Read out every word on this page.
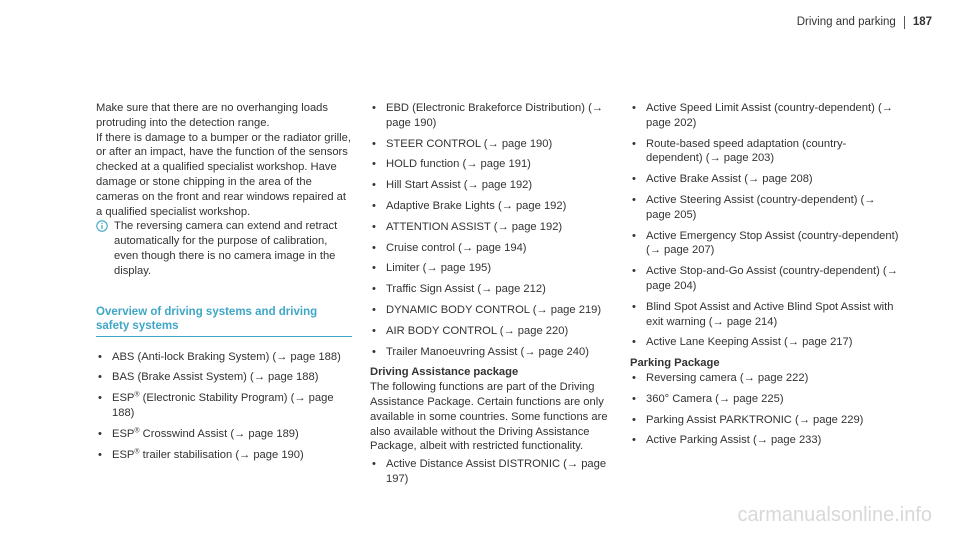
Driving and parking 187

Make sure that there are no overhanging loads protruding into the detection range.

If there is damage to a bumper or the radiator grille, or after an impact, have the function of the sensors checked at a qualified specialist workshop. Have damage or stone chipping in the area of the cameras on the front and rear windows repaired at a qualified specialist workshop.

The reversing camera can extend and retract automatically for the purpose of calibration, even though there is no camera image in the display.
Overview of driving systems and driving safety systems
• ABS (Anti-lock Braking System) (→ page 188)
• BAS (Brake Assist System) (→ page 188)
• ESP® (Electronic Stability Program) (→ page 188)
• ESP® Crosswind Assist (→ page 189)
• ESP® trailer stabilisation (→ page 190)
• EBD (Electronic Brakeforce Distribution) (→ page 190)
• STEER CONTROL (→ page 190)
• HOLD function (→ page 191)
• Hill Start Assist (→ page 192)
• Adaptive Brake Lights (→ page 192)
• ATTENTION ASSIST (→ page 192)
• Cruise control (→ page 194)
• Limiter (→ page 195)
• Traffic Sign Assist (→ page 212)
• DYNAMIC BODY CONTROL (→ page 219)
• AIR BODY CONTROL (→ page 220)
• Trailer Manoeuvring Assist (→ page 240)
Driving Assistance package

The following functions are part of the Driving Assistance Package. Certain functions are only available in some countries. Some functions are also available without the Driving Assistance Package, albeit with restricted functionality.

• Active Distance Assist DISTRONIC (→ page 197)
• Active Speed Limit Assist (country-dependent) (→ page 202)
• Route-based speed adaptation (country-dependent) (→ page 203)
• Active Brake Assist (→ page 208)
• Active Steering Assist (country-dependent) (→ page 205)
• Active Emergency Stop Assist (country-dependent) (→ page 207)
• Active Stop-and-Go Assist (country-dependent) (→ page 204)
• Blind Spot Assist and Active Blind Spot Assist with exit warning (→ page 214)
• Active Lane Keeping Assist (→ page 217)
Parking Package
• Reversing camera (→ page 222)
• 360° Camera (→ page 225)
• Parking Assist PARKTRONIC (→ page 229)
• Active Parking Assist (→ page 233)
carmanualsonline.info
